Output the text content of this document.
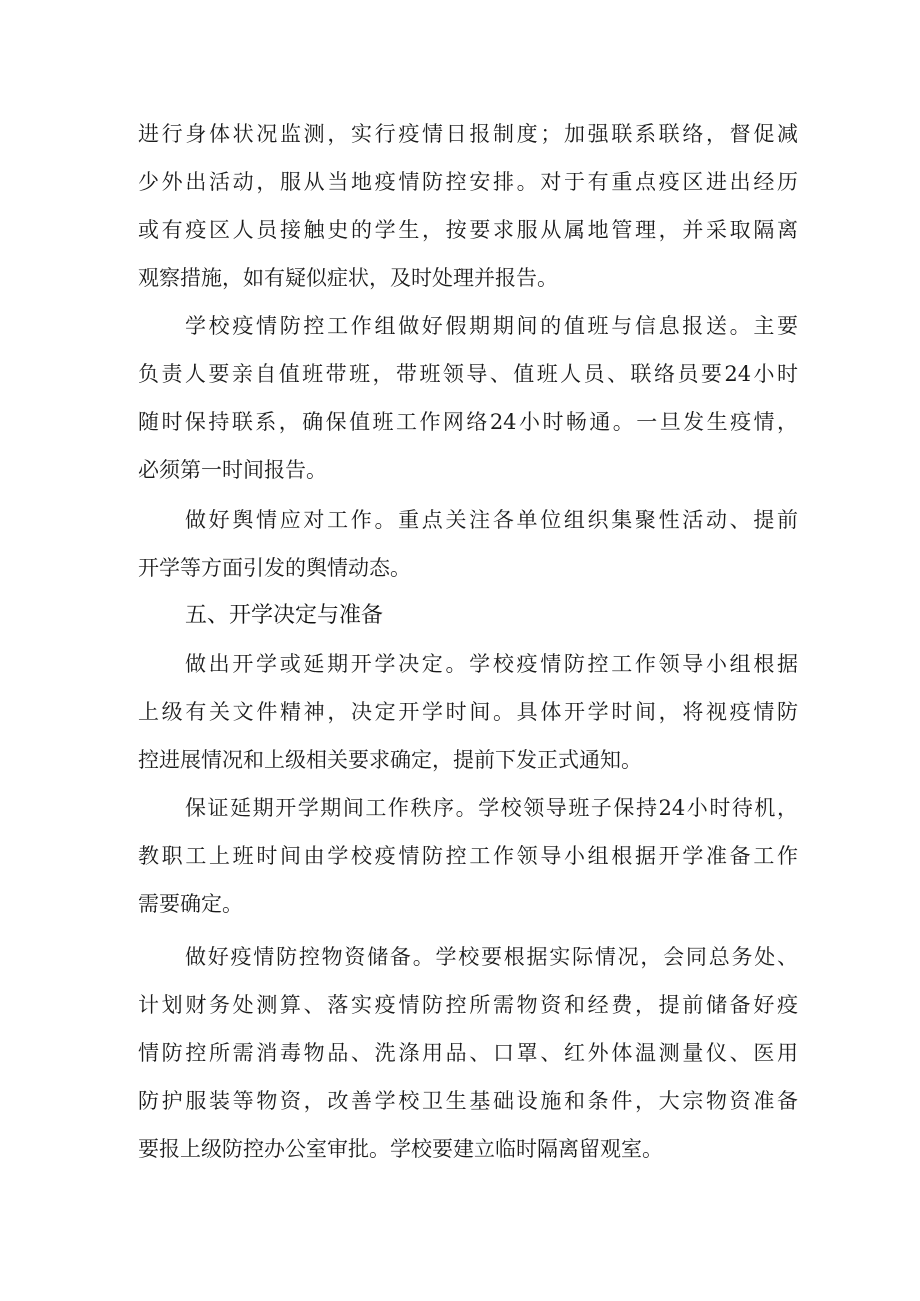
进行身体状况监测，实行疫情日报制度；加强联系联络，督促减
少外出活动，服从当地疫情防控安排。对于有重点疫区进出经历
或有疫区人员接触史的学生，按要求服从属地管理，并采取隔离
观察措施，如有疑似症状，及时处理并报告。
学校疫情防控工作组做好假期期间的值班与信息报送。主要
负责人要亲自值班带班，带班领导、值班人员、联络员要24小时
随时保持联系，确保值班工作网络24小时畅通。一旦发生疫情，
必须第一时间报告。
做好舆情应对工作。重点关注各单位组织集聚性活动、提前
开学等方面引发的舆情动态。
五、开学决定与准备
做出开学或延期开学决定。学校疫情防控工作领导小组根据
上级有关文件精神，决定开学时间。具体开学时间，将视疫情防
控进展情况和上级相关要求确定，提前下发正式通知。
保证延期开学期间工作秩序。学校领导班子保持24小时待机，
教职工上班时间由学校疫情防控工作领导小组根据开学准备工作
需要确定。
做好疫情防控物资储备。学校要根据实际情况，会同总务处、
计划财务处测算、落实疫情防控所需物资和经费，提前储备好疫
情防控所需消毒物品、洗涤用品、口罩、红外体温测量仪、医用
防护服装等物资，改善学校卫生基础设施和条件，大宗物资准备
要报上级防控办公室审批。学校要建立临时隔离留观室。
